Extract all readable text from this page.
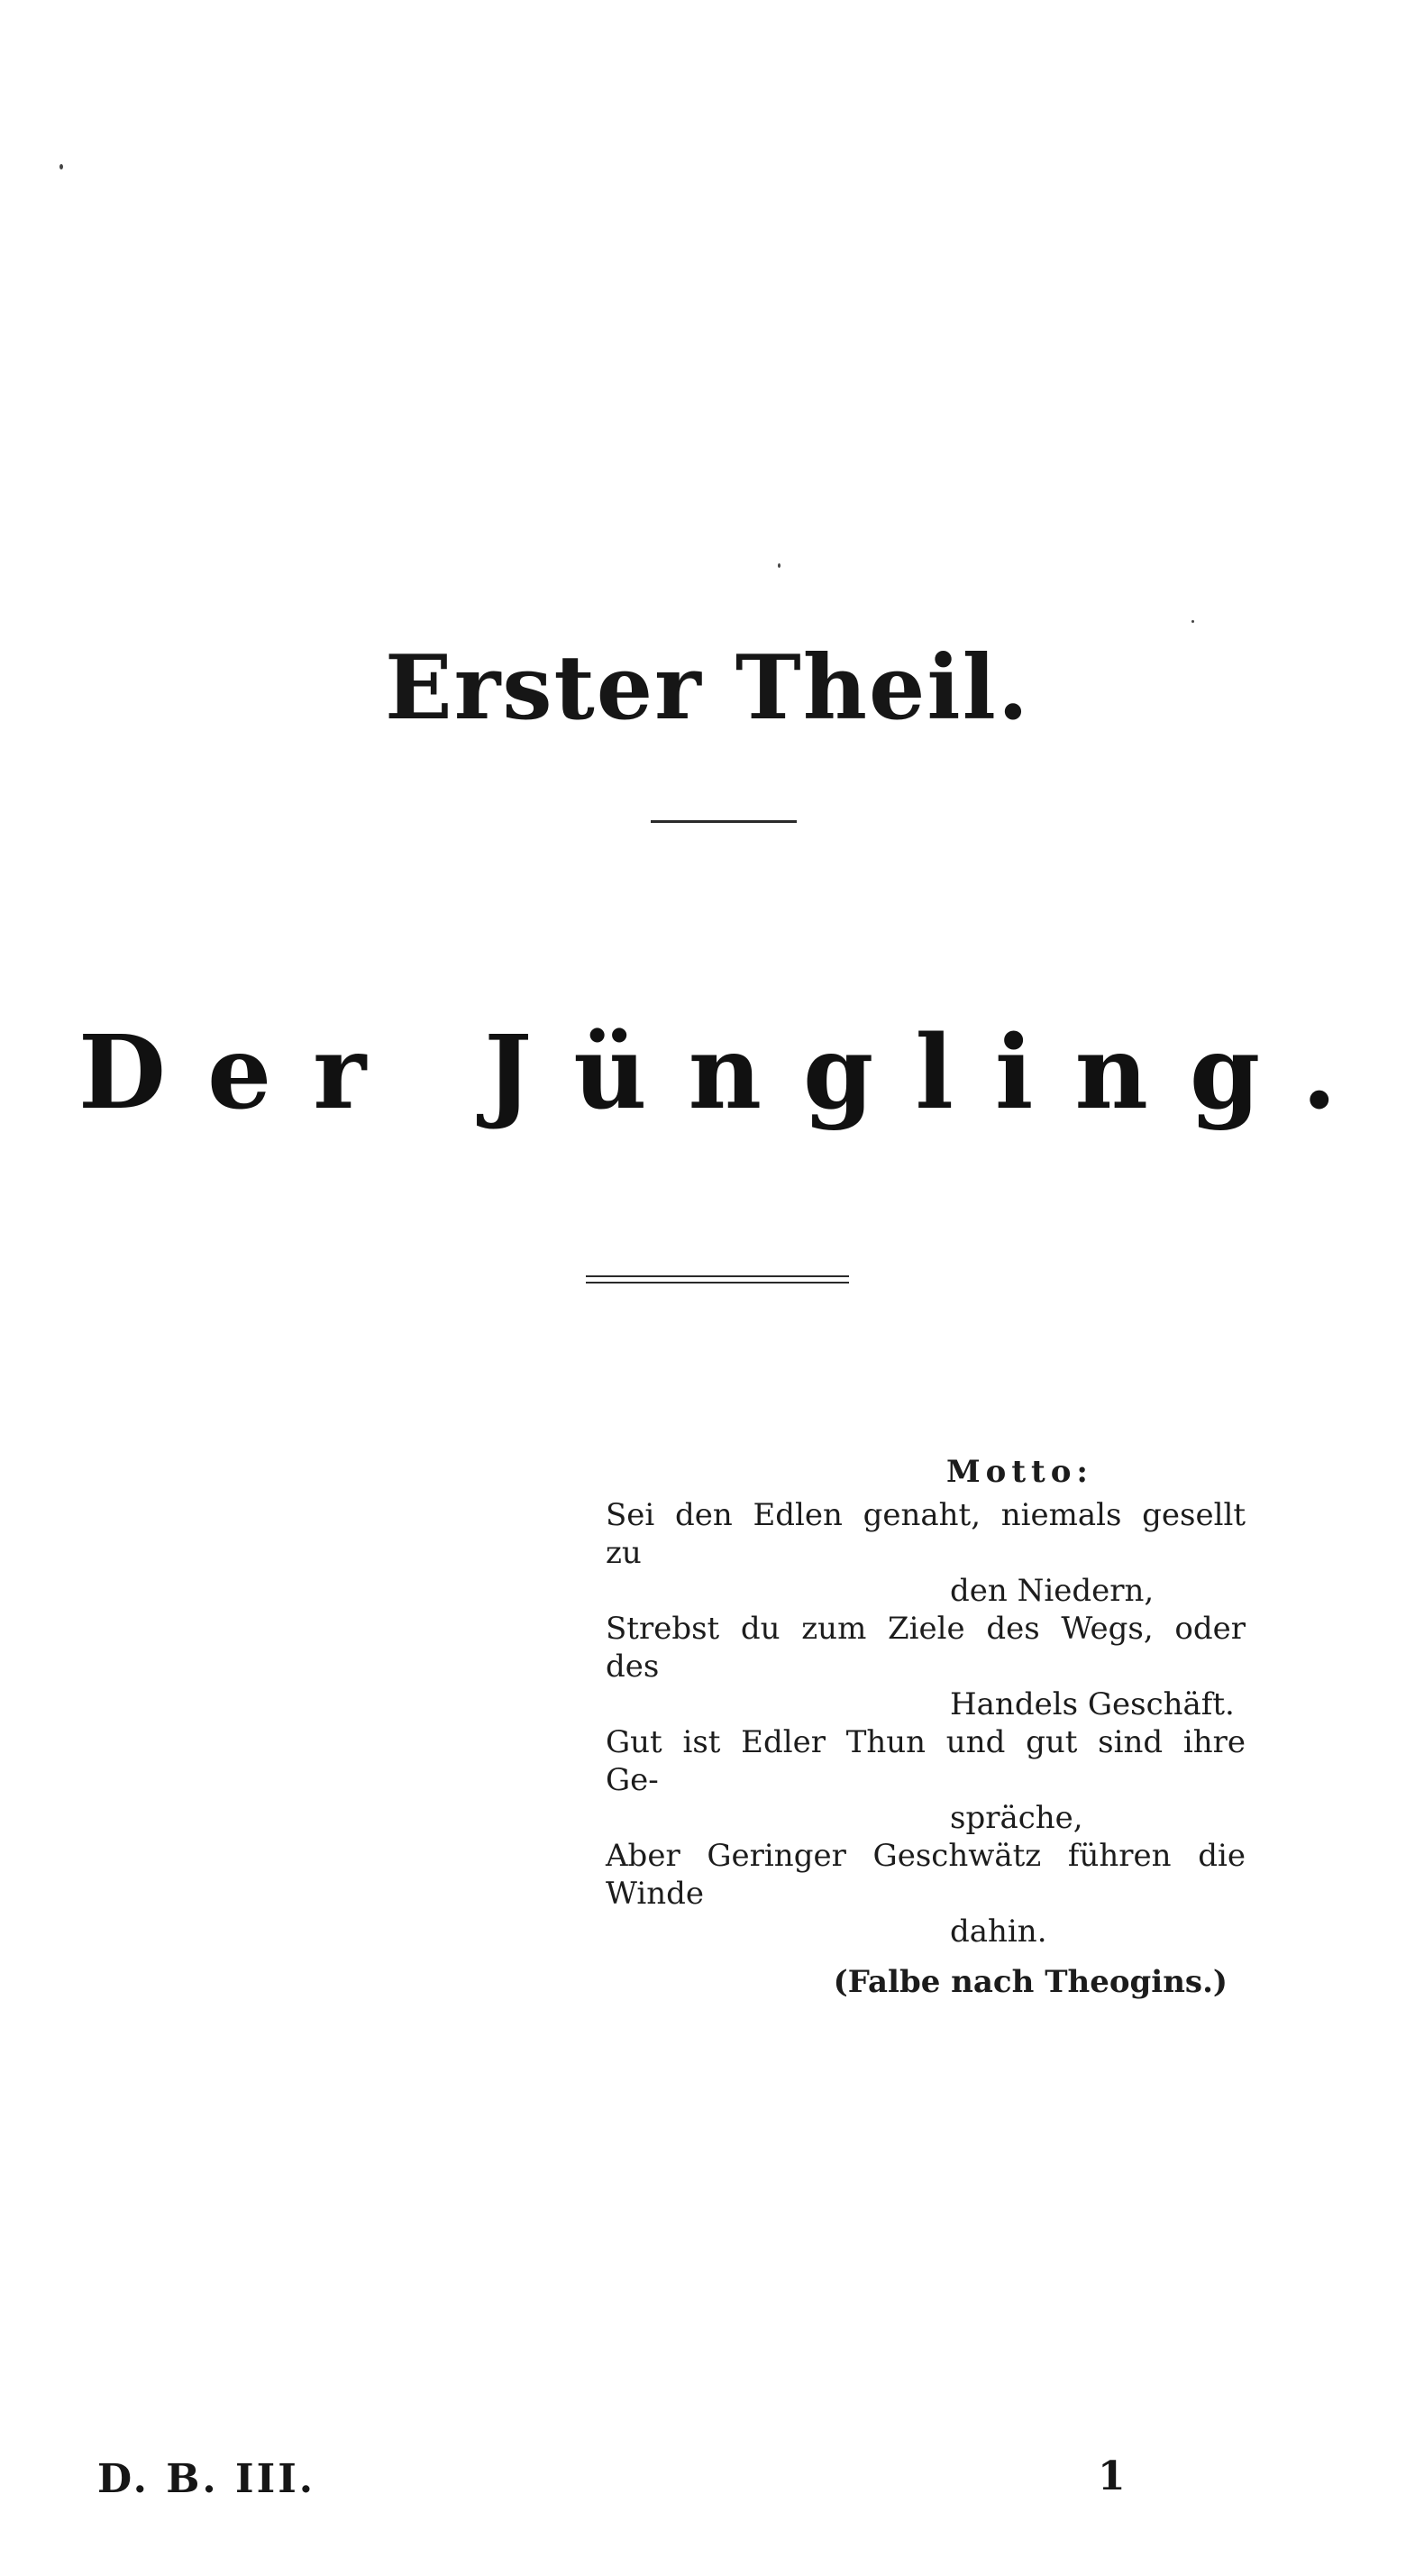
Erster Theil.
Der Jüngling.
Motto:
Sei den Edlen genaht, niemals gesellt zu
den Niedern,
Strebst du zum Ziele des Wegs, oder des
Handels Geschäft.
Gut ist Edler Thun und gut sind ihre Ge-
spräche,
Aber Geringer Geschwätz führen die Winde
dahin.
(Falbe nach Theogins.)
D. B. III.	1
